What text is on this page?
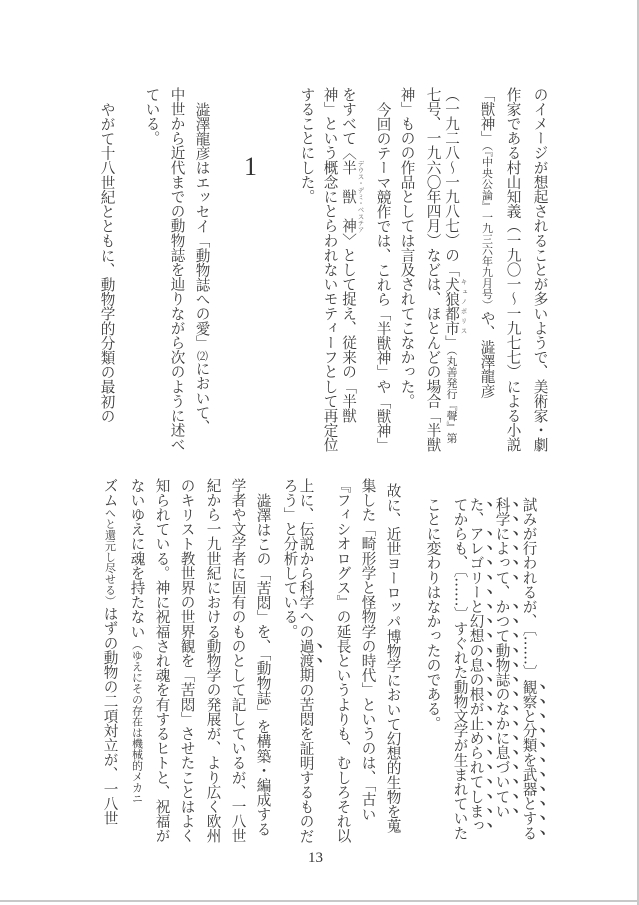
のイメージが想起されることが多いようで、美術家・劇
作家である村山知義（一九〇一〜一九七七）による小説
「獣神」（『中央公論』一九三六年九月号）や、澁澤龍彦
（一九二八〜一九八七）の「犬狼都市 キュノポリス」（丸善発行『聲』第
七号、一九六〇年四月）などは、ほとんどの場合「半獣
神」ものの作品としては言及されてこなかった。
今回のテーマ競作では、これら「半獣神」や「獣神」
をすべて〈半　獣　神 デウス・デミ・ベステア〉として捉え、従来の「半獣
神」という概念にとらわれないモティーフとして再定位
することにした。
澁澤龍彦はエッセイ「動物誌への愛」⑵において、
中世から近代までの動物誌を辿りながら次のように述べ
ている。
やがて十八世紀とともに、動物学的分類の最初の
試みが行われるが、〔……〕観察と分類を武器とする
科学によって、かつて動物誌のなかに息づいてい
た、アレゴリーと幻想の息の根が止められてしまっ
てからも、〔……〕すぐれた動物文学が生まれていた
ことに変わりはなかったのである。
故に、近世ヨーロッパ博物学において幻想的生物を蒐
集した「畸形学と怪物学の時代」というのは、「古い
『フィシオログス』の延長というよりも、むしろそれ以
上に、伝説から科学への過渡期の苦悶を証明するものだ
ろう」と分析している。
澁澤はこの「苦悶」を、「動物誌」を構築・編成する
学者や文学者に固有のものとして記しているが、一八世
紀から一九世紀における動物学の発展が、より広く欧州
のキリスト教世界の世界観を「苦悶」させたことはよく
知られている。神に祝福され魂を有するヒトと、祝福が
ないゆえに魂を持たない（ゆえにその存在は機械的メカニ
ズムへと還元し尽せる）はずの動物の二項対立が、一八世
1
13
